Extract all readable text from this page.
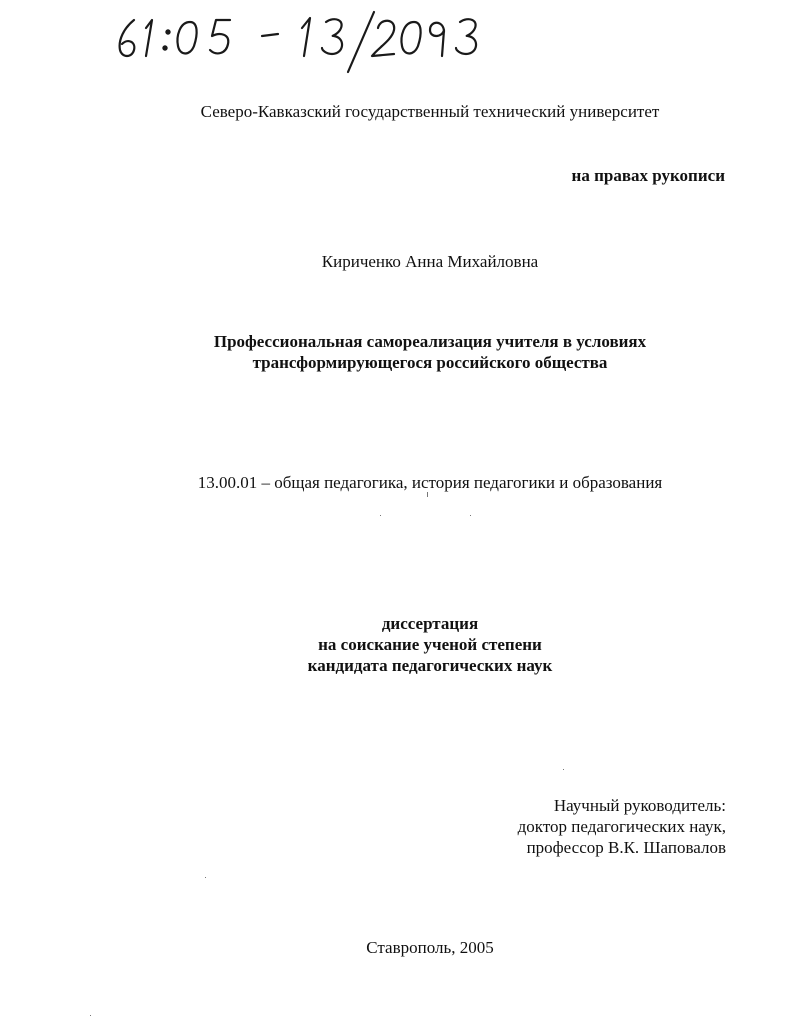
Северо-Кавказский государственный технический университет
на правах рукописи
Кириченко Анна Михайловна
Профессиональная самореализация учителя в условиях
трансформирующегося российского общества
13.00.01 – общая педагогика, история педагогики и образования
диссертация
на соискание ученой степени
кандидата педагогических наук
Научный руководитель:
доктор педагогических наук,
профессор В.К. Шаповалов
Ставрополь, 2005
